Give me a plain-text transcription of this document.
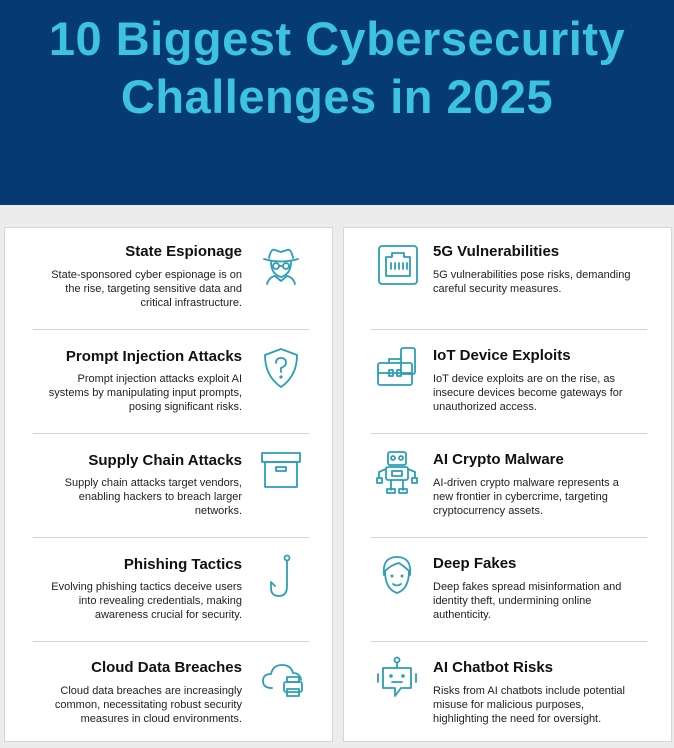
10 Biggest Cybersecurity
Challenges in 2025
State Espionage
State-sponsored cyber espionage is on
the rise, targeting sensitive data and
critical infrastructure.
Prompt Injection Attacks
Prompt injection attacks exploit AI
systems by manipulating input prompts,
posing significant risks.
Supply Chain Attacks
Supply chain attacks target vendors,
enabling hackers to breach larger
networks.
Phishing Tactics
Evolving phishing tactics deceive users
into revealing credentials, making
awareness crucial for security.
Cloud Data Breaches
Cloud data breaches are increasingly
common, necessitating robust security
measures in cloud environments.
5G Vulnerabilities
5G vulnerabilities pose risks, demanding
careful security measures.
IoT Device Exploits
IoT device exploits are on the rise, as
insecure devices become gateways for
unauthorized access.
AI Crypto Malware
AI-driven crypto malware represents a
new frontier in cybercrime, targeting
cryptocurrency assets.
Deep Fakes
Deep fakes spread misinformation and
identity theft, undermining online
authenticity.
AI Chatbot Risks
Risks from AI chatbots include potential
misuse for malicious purposes,
highlighting the need for oversight.
